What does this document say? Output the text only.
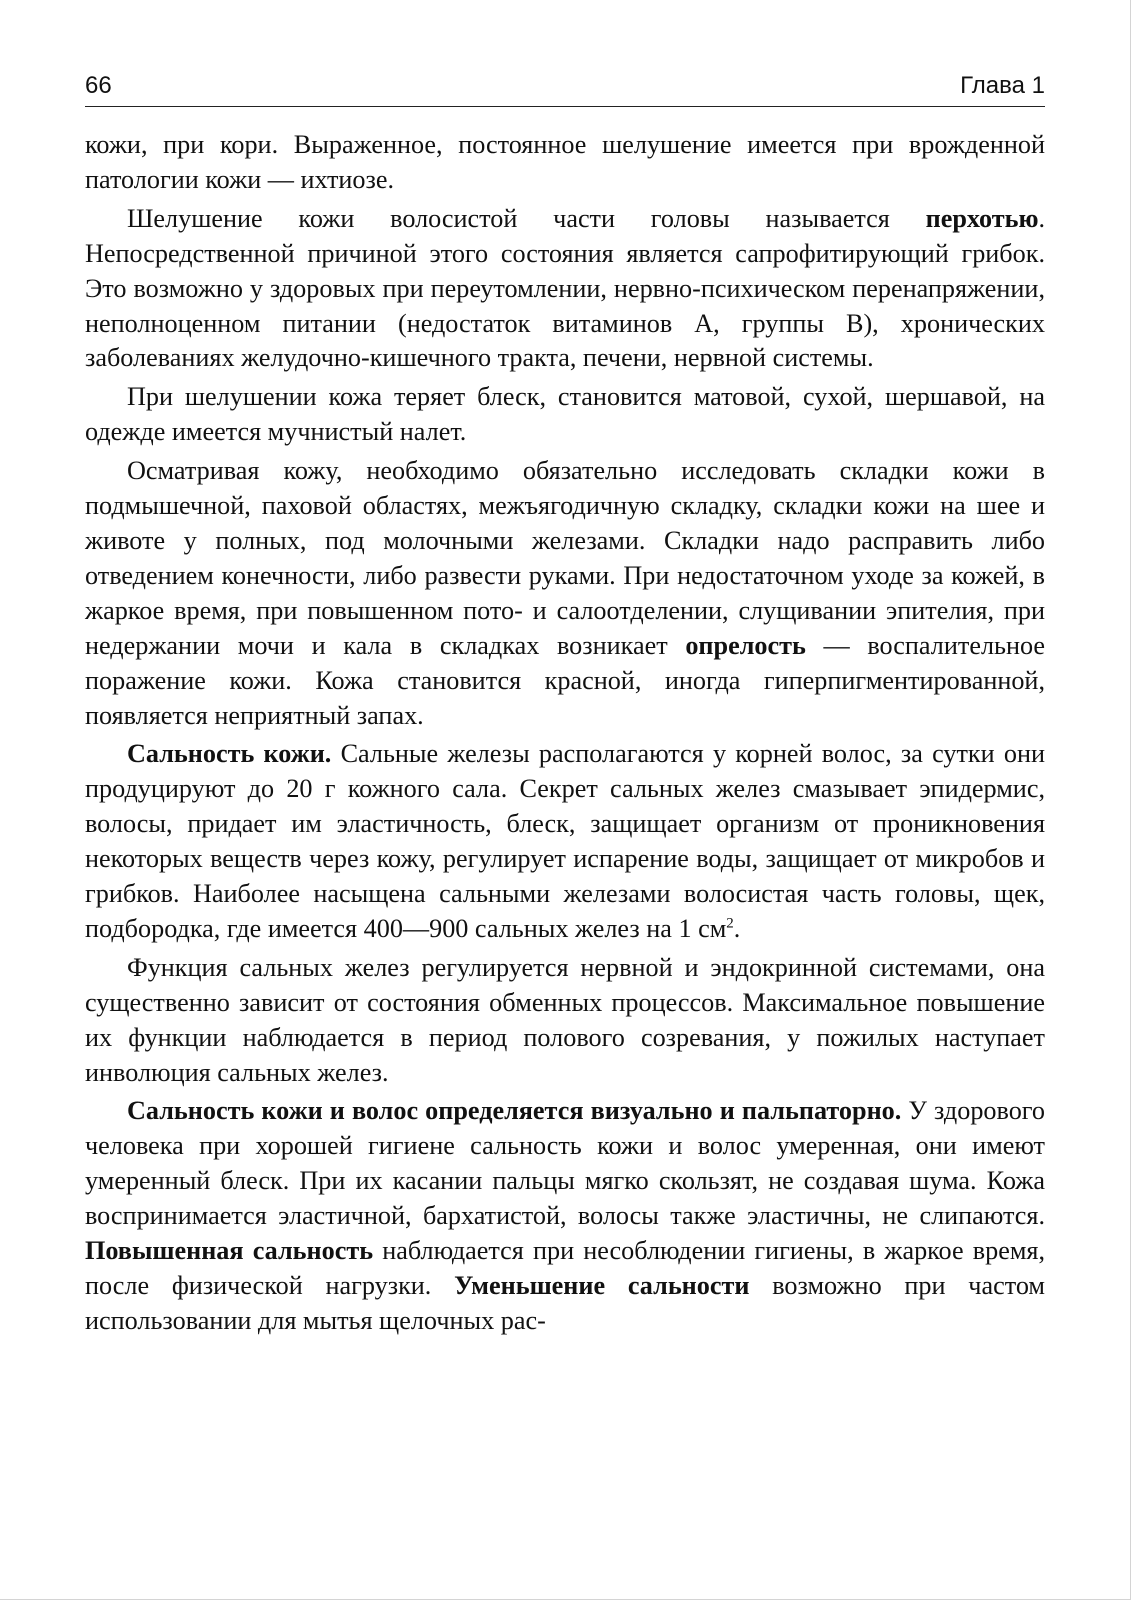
66	Глава 1

кожи, при кори. Выраженное, постоянное шелушение имеется при врожденной патологии кожи — ихтиозе.

Шелушение кожи волосистой части головы называется перхотью. Непосредственной причиной этого состояния является сапрофитирующий грибок. Это возможно у здоровых при переутомлении, нервно-психическом перенапряжении, неполноценном питании (недостаток витаминов А, группы В), хронических заболеваниях желудочно-кишечного тракта, печени, нервной системы.

При шелушении кожа теряет блеск, становится матовой, сухой, шершавой, на одежде имеется мучнистый налет.

Осматривая кожу, необходимо обязательно исследовать складки кожи в подмышечной, паховой областях, межъягодичную складку, складки кожи на шее и животе у полных, под молочными железами. Складки надо расправить либо отведением конечности, либо развести руками. При недостаточном уходе за кожей, в жаркое время, при повышенном пото- и салоотделении, слущивании эпителия, при недержании мочи и кала в складках возникает опрелость — воспалительное поражение кожи. Кожа становится красной, иногда гиперпигментированной, появляется неприятный запах.

Сальность кожи. Сальные железы располагаются у корней волос, за сутки они продуцируют до 20 г кожного сала. Секрет сальных желез смазывает эпидермис, волосы, придает им эластичность, блеск, защищает организм от проникновения некоторых веществ через кожу, регулирует испарение воды, защищает от микробов и грибков. Наиболее насыщена сальными железами волосистая часть головы, щек, подбородка, где имеется 400—900 сальных желез на 1 $см^2$.

Функция сальных желез регулируется нервной и эндокринной системами, она существенно зависит от состояния обменных процессов. Максимальное повышение их функции наблюдается в период полового созревания, у пожилых наступает инволюция сальных желез.

Сальность кожи и волос определяется визуально и пальпаторно. У здорового человека при хорошей гигиене сальность кожи и волос умеренная, они имеют умеренный блеск. При их касании пальцы мягко скользят, не создавая шума. Кожа воспринимается эластичной, бархатистой, волосы также эластичны, не слипаются. Повышенная сальность наблюдается при несоблюдении гигиены, в жаркое время, после физической нагрузки. Уменьшение сальности возможно при частом использовании для мытья щелочных рас-
